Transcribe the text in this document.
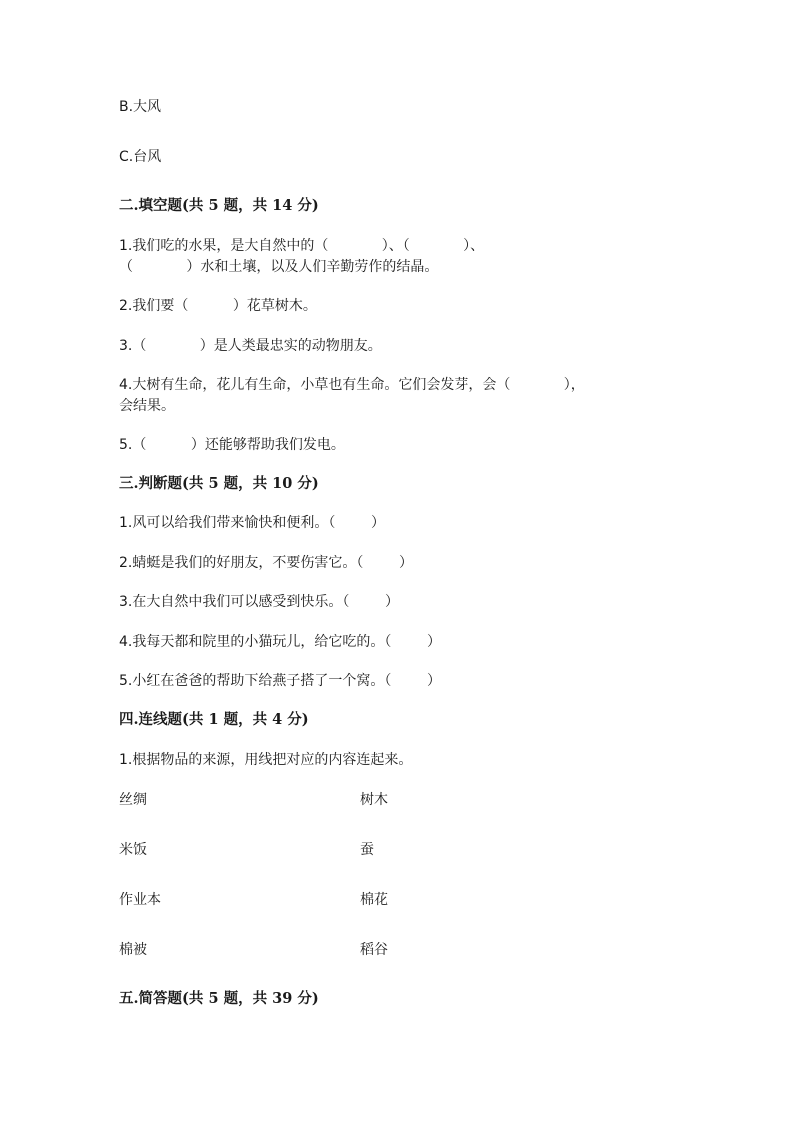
B.大风
C.台风
二.填空题(共 5 题，共 14 分)
1.我们吃的水果，是大自然中的（            ）、（            ）、
（            ）水和土壤，以及人们辛勤劳作的结晶。
2.我们要（          ）花草树木。
3.（            ）是人类最忠实的动物朋友。
4.大树有生命，花儿有生命，小草也有生命。它们会发芽，会（            ），
会结果。
5.（          ）还能够帮助我们发电。
三.判断题(共 5 题，共 10 分)
1.风可以给我们带来愉快和便利。（        ）
2.蜻蜓是我们的好朋友，不要伤害它。（        ）
3.在大自然中我们可以感受到快乐。（        ）
4.我每天都和院里的小猫玩儿，给它吃的。（        ）
5.小红在爸爸的帮助下给燕子搭了一个窝。（        ）
四.连线题(共 1 题，共 4 分)
1.根据物品的来源，用线把对应的内容连起来。
丝绸	树木
米饭	蚕
作业本	棉花
棉被	稻谷
五.简答题(共 5 题，共 39 分)
